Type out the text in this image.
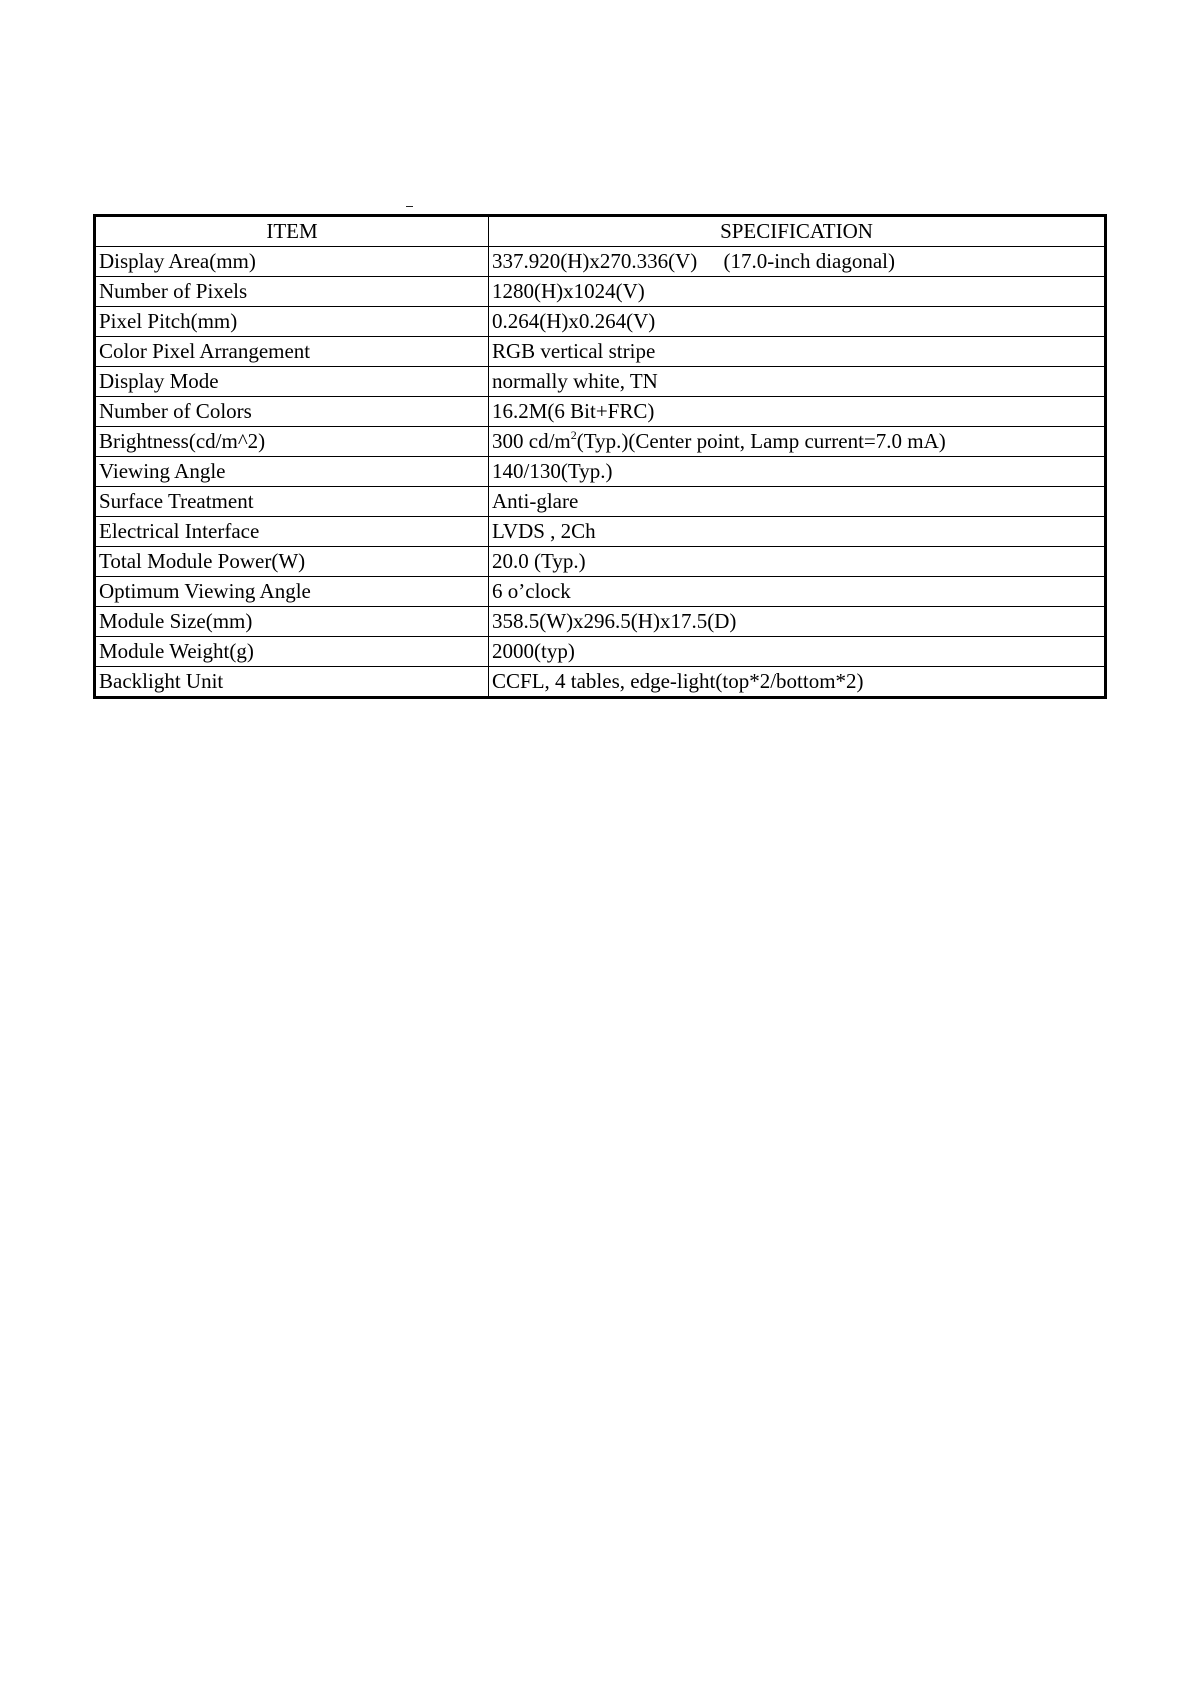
ITEM	SPECIFICATION
Display Area(mm)	337.920(H)x270.336(V)     (17.0-inch diagonal)
Number of Pixels	1280(H)x1024(V)
Pixel Pitch(mm)	0.264(H)x0.264(V)
Color Pixel Arrangement	RGB vertical stripe
Display Mode	normally white, TN
Number of Colors	16.2M(6 Bit+FRC)
Brightness(cd/m^2)	300 $cd/m^2(Typ.)(Center$ point, Lamp current=7.0 mA)
Viewing Angle	140/130(Typ.)
Surface Treatment	Anti-glare
Electrical Interface	LVDS , 2Ch
Total Module Power(W)	20.0 (Typ.)
Optimum Viewing Angle	6 o’clock
Module Size(mm)	358.5(W)x296.5(H)x17.5(D)
Module Weight(g)	2000(typ)
Backlight Unit	CCFL, 4 tables, edge-light(top*2/bottom*2)
